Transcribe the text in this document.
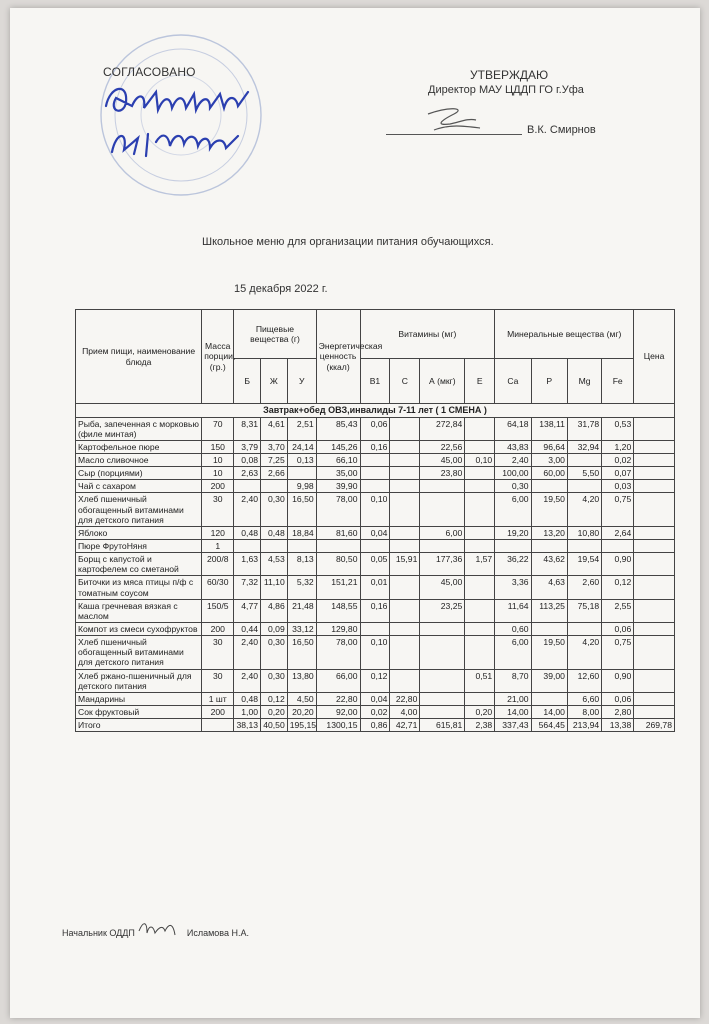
СОГЛАСОВАНО	УТВЕРЖДАЮ
Директор МАУ ЦДДП ГО г.Уфа
В.К. Смирнов
Школьное меню для организации питания обучающихся.
15 декабря 2022 г.
Прием пищи, наименование блюда	Масса порции, (гр.)	Пищевые вещества (г)			Энергетическая ценность (ккал)	Витамины (мг)				Минеральные вещества (мг)				Цена
		Б	Ж	У		В1	С	А (мкг)	Е	Са	Р	Mg	Fe	
Завтрак+обед ОВЗ,инвалиды 7-11 лет ( 1 СМЕНА )														
Рыба, запеченная с морковью (филе минтая)	70	8,31	4,61	2,51	85,43	0,06		272,84		64,18	138,11	31,78	0,53	
Картофельное пюре	150	3,79	3,70	24,14	145,26	0,16		22,56		43,83	96,64	32,94	1,20	
Масло сливочное	10	0,08	7,25	0,13	66,10			45,00	0,10	2,40	3,00		0,02	
Сыр (порциями)	10	2,63	2,66		35,00			23,80		100,00	60,00	5,50	0,07	
Чай с сахаром	200			9,98	39,90					0,30			0,03	
Хлеб пшеничный обогащенный витаминами для детского питания	30	2,40	0,30	16,50	78,00	0,10				6,00	19,50	4,20	0,75	
Яблоко	120	0,48	0,48	18,84	81,60	0,04		6,00		19,20	13,20	10,80	2,64	
Пюре ФрутоНяня	1													
Борщ с капустой и картофелем со сметаной	200/8	1,63	4,53	8,13	80,50	0,05	15,91	177,36	1,57	36,22	43,62	19,54	0,90	
Биточки из мяса птицы п/ф с томатным соусом	60/30	7,32	11,10	5,32	151,21	0,01		45,00		3,36	4,63	2,60	0,12	
Каша гречневая вязкая с маслом	150/5	4,77	4,86	21,48	148,55	0,16		23,25		11,64	113,25	75,18	2,55	
Компот из смеси сухофруктов	200	0,44	0,09	33,12	129,80					0,60			0,06	
Хлеб пшеничный обогащенный витаминами для детского питания	30	2,40	0,30	16,50	78,00	0,10				6,00	19,50	4,20	0,75	
Хлеб ржано-пшеничный для детского питания	30	2,40	0,30	13,80	66,00	0,12			0,51	8,70	39,00	12,60	0,90	
Мандарины	1 шт	0,48	0,12	4,50	22,80	0,04	22,80			21,00		6,60	0,06	
Сок фруктовый	200	1,00	0,20	20,20	92,00	0,02	4,00		0,20	14,00	14,00	8,00	2,80	
Итого		38,13	40,50	195,15	1300,15	0,86	42,71	615,81	2,38	337,43	564,45	213,94	13,38	269,78
Начальник ОДДП	Исламова Н.А.
